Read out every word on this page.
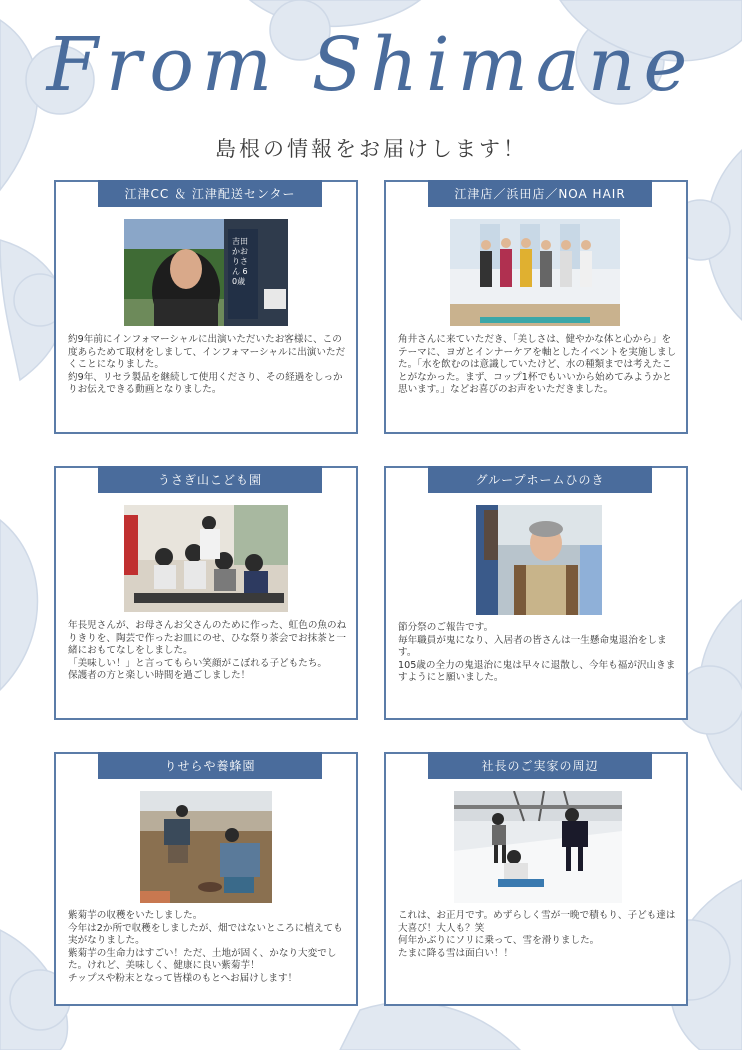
From Shimane
島根の情報をお届けします！
江津CC ＆ 江津配送センター
吉田 かおりさん 60歳
約9年前にインフォマーシャルに出演いただいたお客様に、この度あらためて取材をしまして、インフォマーシャルに出演いただくことになりました。
約9年、リセラ製品を継続して使用くださり、その経過をしっかりお伝えできる動画となりました。
江津店／浜田店／NOA HAIR
角井さんに来ていただき、「美しさは、健やかな体と心から」をテーマに、ヨガとインナーケアを軸としたイベントを実施しました。「水を飲むのは意識していたけど、水の種類までは考えたことがなかった。まず、コップ1杯でもいいから始めてみようかと思います。」などお喜びのお声をいただきました。
うさぎ山こども園
年長児さんが、お母さんお父さんのために作った、虹色の魚のねりきりを、陶芸で作ったお皿にのせ、ひな祭り茶会でお抹茶と一緒におもてなしをしました。
「美味しい！」と言ってもらい笑顔がこぼれる子どもたち。
保護者の方と楽しい時間を過ごしました！
グループホームひのき
節分祭のご報告です。
毎年職員が鬼になり、入居者の皆さんは一生懸命鬼退治をします。
105歳の全力の鬼退治に鬼は早々に退散し、今年も福が沢山きますようにと願いました。
りせらや養蜂園
紫菊芋の収穫をいたしました。
今年は2か所で収穫をしましたが、畑ではないところに植えても実がなりました。
紫菊芋の生命力はすごい！ただ、土地が固く、かなり大変でした。けれど、美味しく、健康に良い紫菊芋！
チップスや粉末となって皆様のもとへお届けします！
社長のご実家の周辺
これは、お正月です。めずらしく雪が一晩で積もり、子ども達は大喜び！大人も？笑
何年かぶりにソリに乗って、雪を滑りました。
たまに降る雪は面白い！！
